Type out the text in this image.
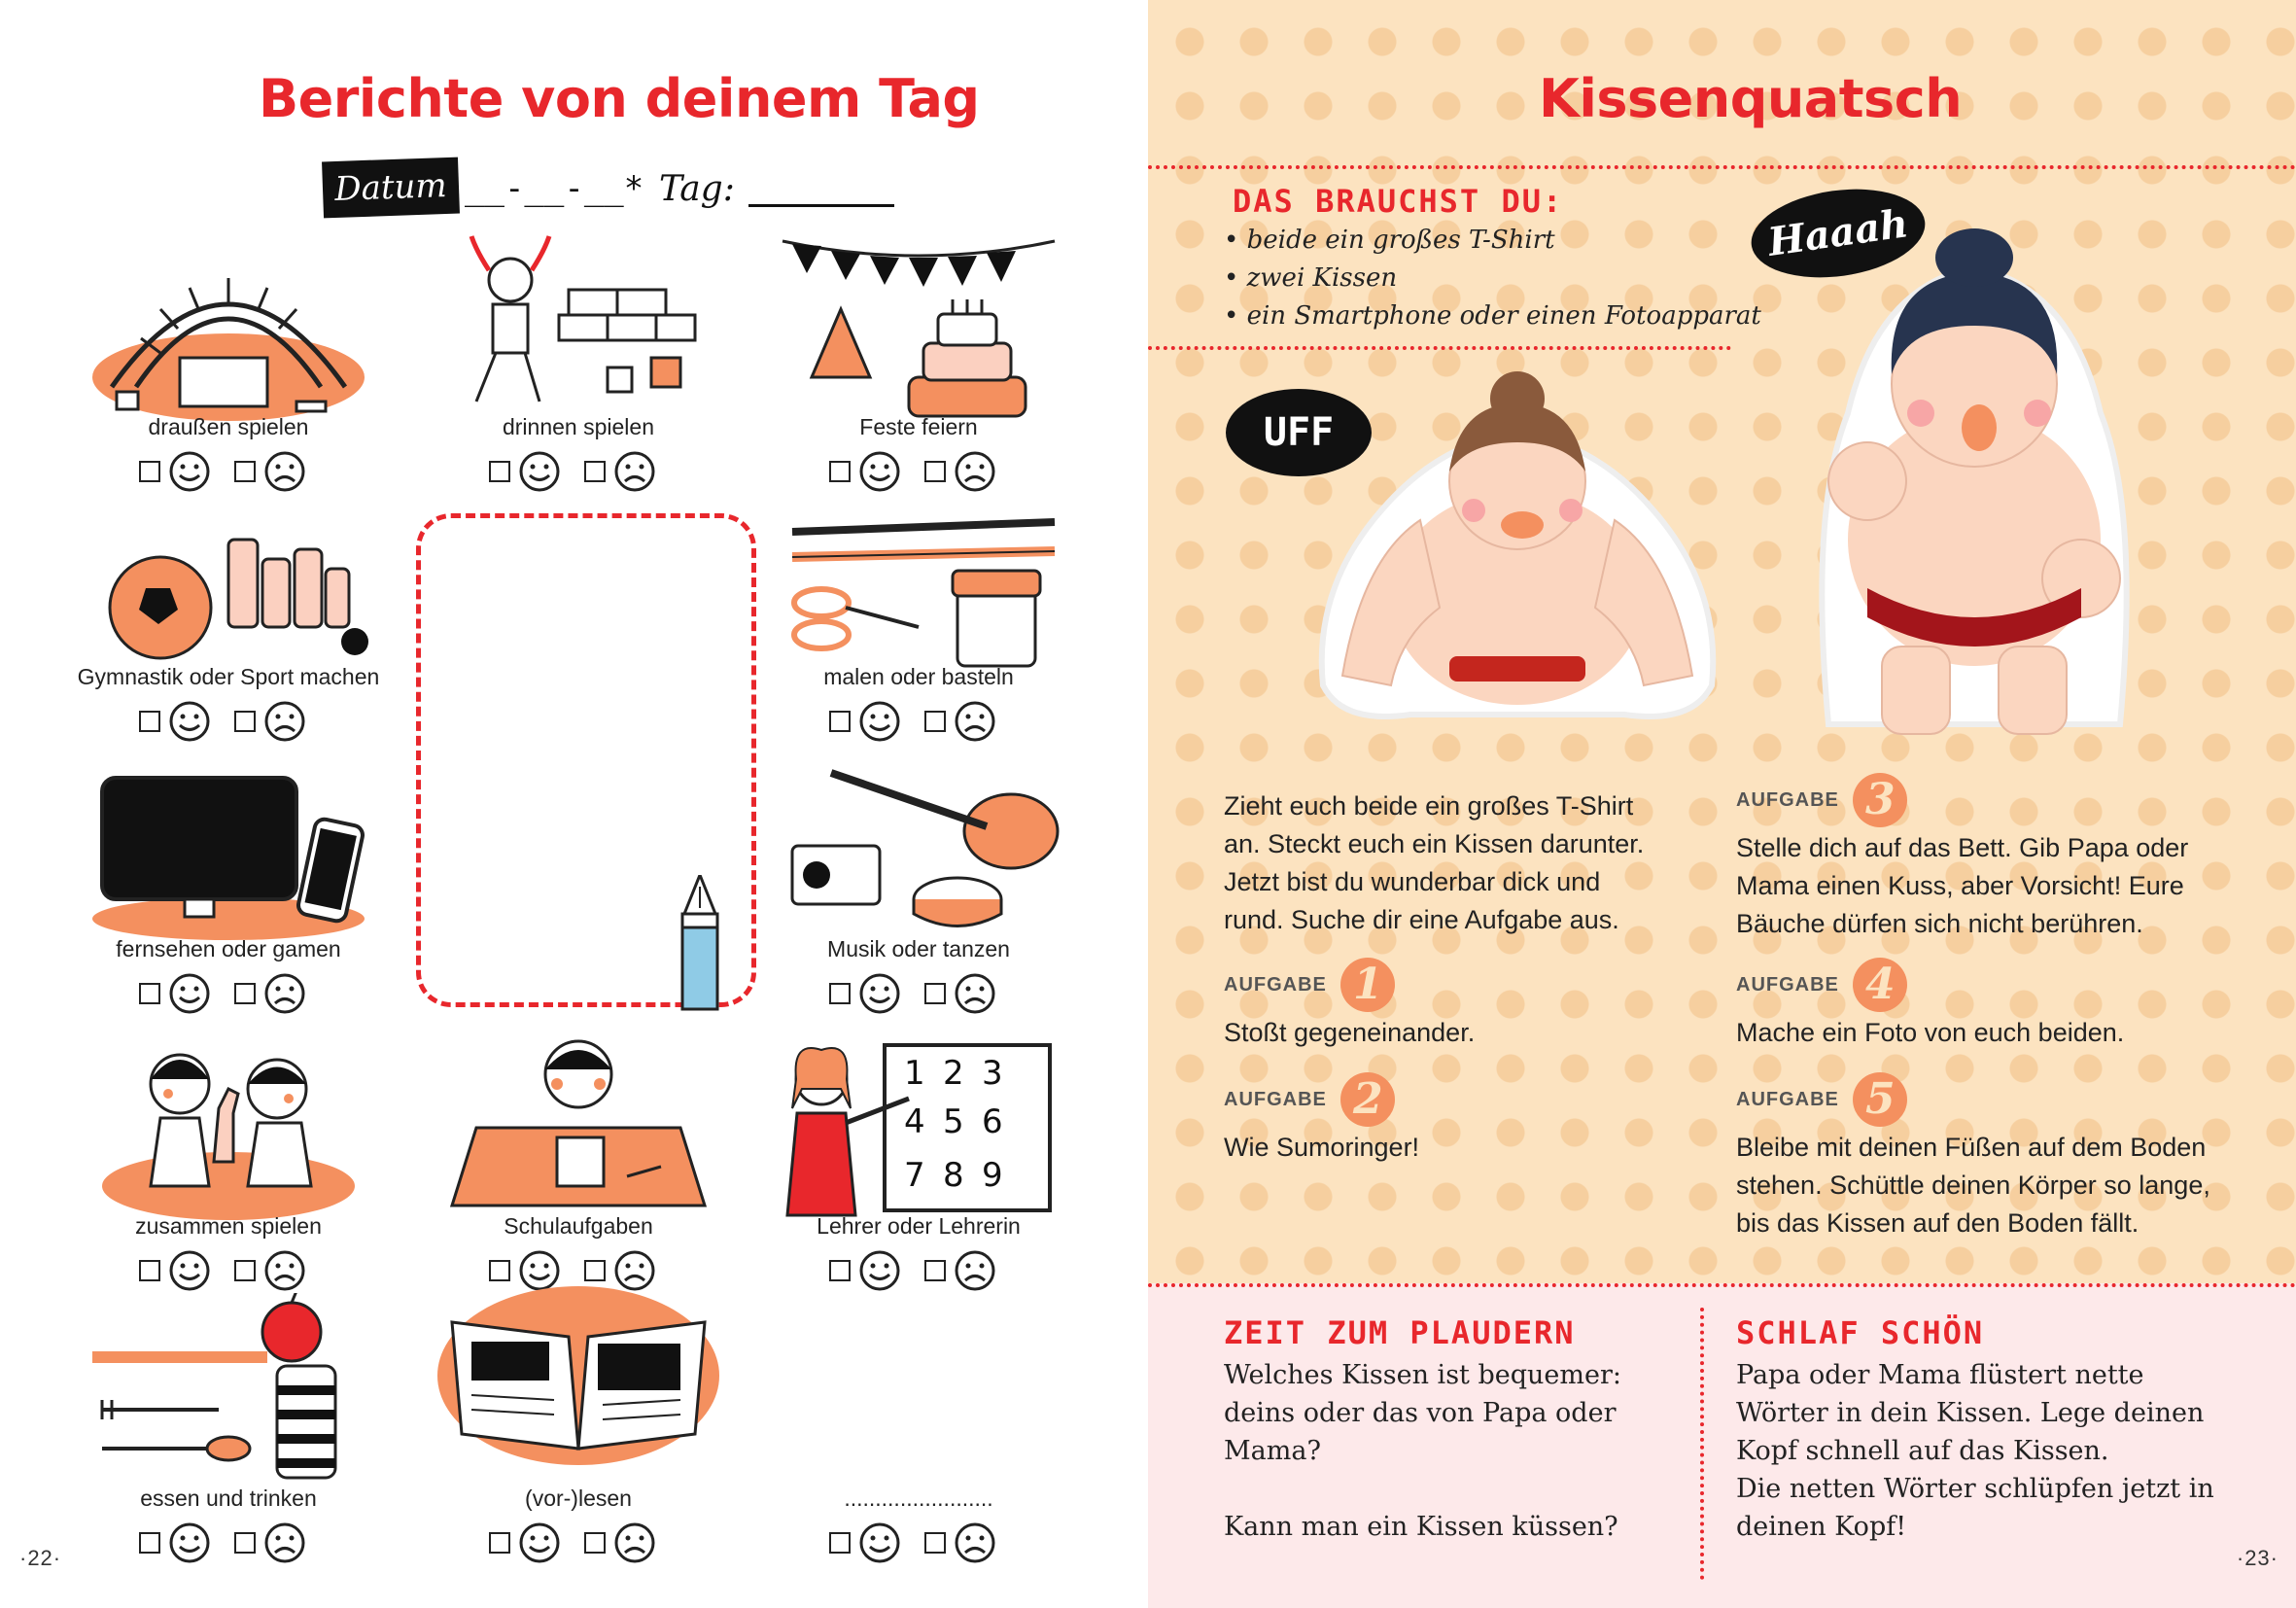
Berichte von deinem Tag
Datum __-__-__* Tag:
draußen spielen	drinnen spielen	Feste feiern
Gymnastik oder Sport machen	malen oder basteln
fernsehen oder gamen	Musik oder tanzen
zusammen spielen	Schulaufgaben
1 2 3
4 5 6
7 8 9
Lehrer oder Lehrerin
essen und trinken	(vor-)lesen	........................
·22·
Kissenquatsch
DAS BRAUCHST DU:
• beide ein großes T-Shirt
• zwei Kissen
• ein Smartphone oder einen Fotoapparat
UFF
Haaah
Zieht euch beide ein großes T-Shirt
an. Steckt euch ein Kissen darunter.
Jetzt bist du wunderbar dick und
rund. Suche dir eine Aufgabe aus.
AUFGABE 1
Stoßt gegeneinander.
AUFGABE 2
Wie Sumoringer!
AUFGABE 3
Stelle dich auf das Bett. Gib Papa oder
Mama einen Kuss, aber Vorsicht! Eure
Bäuche dürfen sich nicht berühren.
AUFGABE 4
Mache ein Foto von euch beiden.
AUFGABE 5
Bleibe mit deinen Füßen auf dem Boden
stehen. Schüttle deinen Körper so lange,
bis das Kissen auf den Boden fällt.
ZEIT ZUM PLAUDERN
Welches Kissen ist bequemer:
deins oder das von Papa oder
Mama?
Kann man ein Kissen küssen?
SCHLAF SCHÖN
Papa oder Mama flüstert nette
Wörter in dein Kissen. Lege deinen
Kopf schnell auf das Kissen.
Die netten Wörter schlüpfen jetzt in
deinen Kopf!
·23·
